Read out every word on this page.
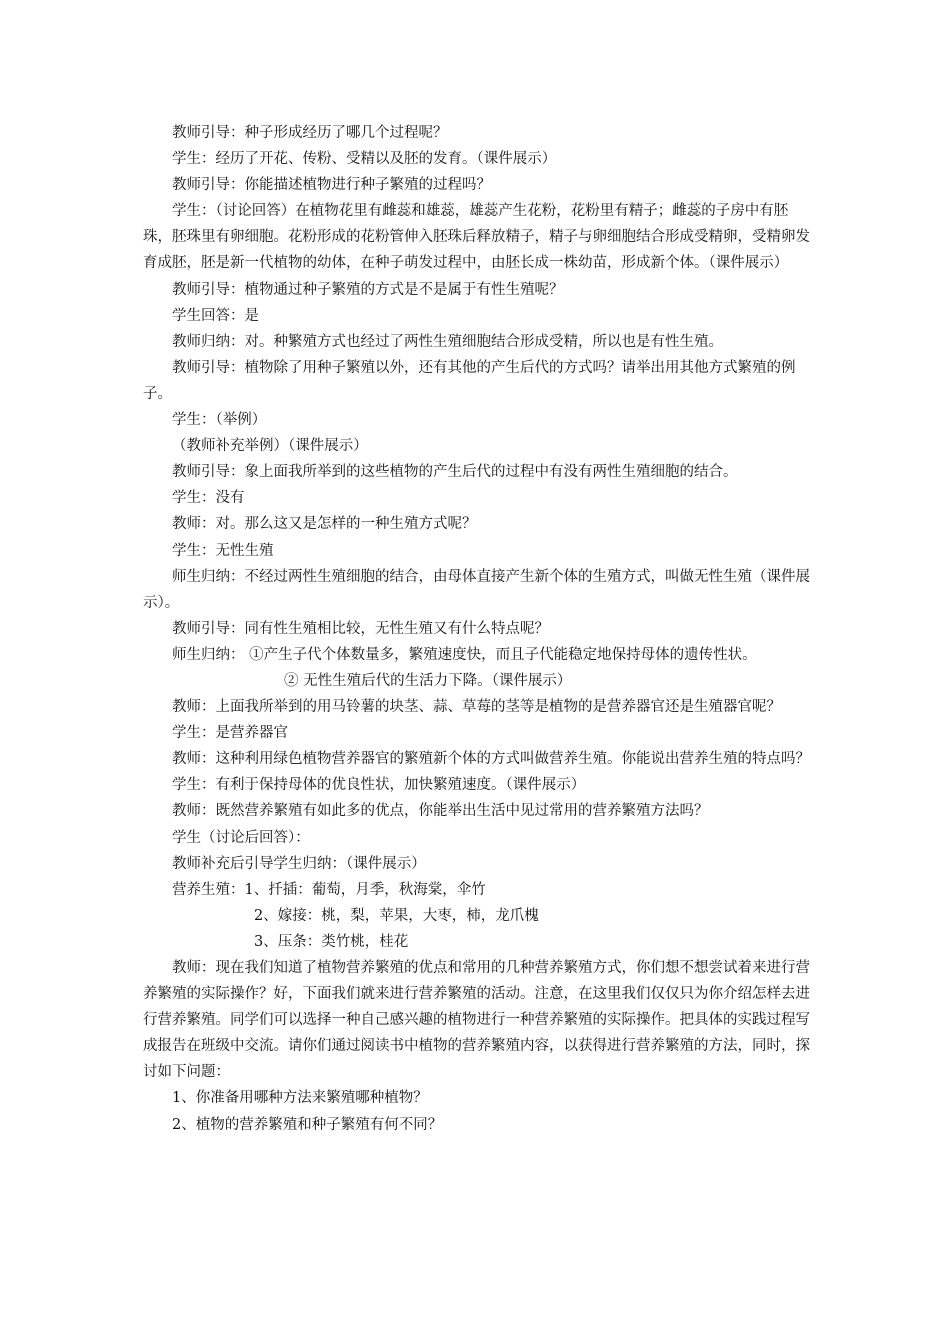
教师引导：种子形成经历了哪几个过程呢？

学生：经历了开花、传粉、受精以及胚的发育。（课件展示）

教师引导：你能描述植物进行种子繁殖的过程吗？

学生：（讨论回答）在植物花里有雌蕊和雄蕊，雄蕊产生花粉，花粉里有精子；雌蕊的子房中有胚珠，胚珠里有卵细胞。花粉形成的花粉管伸入胚珠后释放精子，精子与卵细胞结合形成受精卵，受精卵发育成胚，胚是新一代植物的幼体，在种子萌发过程中，由胚长成一株幼苗，形成新个体。（课件展示）

教师引导：植物通过种子繁殖的方式是不是属于有性生殖呢？

学生回答：是

教师归纳：对。种繁殖方式也经过了两性生殖细胞结合形成受精，所以也是有性生殖。

教师引导：植物除了用种子繁殖以外，还有其他的产生后代的方式吗？请举出用其他方式繁殖的例子。

学生：（举例）

（教师补充举例）（课件展示）

教师引导：象上面我所举到的这些植物的产生后代的过程中有没有两性生殖细胞的结合。

学生：没有

教师：对。那么这又是怎样的一种生殖方式呢？

学生：无性生殖

师生归纳：不经过两性生殖细胞的结合，由母体直接产生新个体的生殖方式，叫做无性生殖（课件展示）。

教师引导：同有性生殖相比较，无性生殖又有什么特点呢？

师生归纳： ①产生子代个体数量多，繁殖速度快，而且子代能稳定地保持母体的遗传性状。

② 无性生殖后代的生活力下降。（课件展示）

教师：上面我所举到的用马铃薯的块茎、蒜、草莓的茎等是植物的是营养器官还是生殖器官呢？

学生：是营养器官

教师：这种利用绿色植物营养器官的繁殖新个体的方式叫做营养生殖。你能说出营养生殖的特点吗？

学生：有利于保持母体的优良性状，加快繁殖速度。（课件展示）

教师：既然营养繁殖有如此多的优点，你能举出生活中见过常用的营养繁殖方法吗？

学生（讨论后回答）：

教师补充后引导学生归纳：（课件展示）

营养生殖：1、扦插：葡萄，月季，秋海棠，伞竹

2、嫁接：桃，梨，苹果，大枣，柿，龙爪槐

3、压条：类竹桃，桂花

教师：现在我们知道了植物营养繁殖的优点和常用的几种营养繁殖方式，你们想不想尝试着来进行营养繁殖的实际操作？好，下面我们就来进行营养繁殖的活动。注意，在这里我们仅仅只为你介绍怎样去进行营养繁殖。同学们可以选择一种自己感兴趣的植物进行一种营养繁殖的实际操作。把具体的实践过程写成报告在班级中交流。请你们通过阅读书中植物的营养繁殖内容，以获得进行营养繁殖的方法，同时，探讨如下问题：

1、你准备用哪种方法来繁殖哪种植物？

2、植物的营养繁殖和种子繁殖有何不同？
